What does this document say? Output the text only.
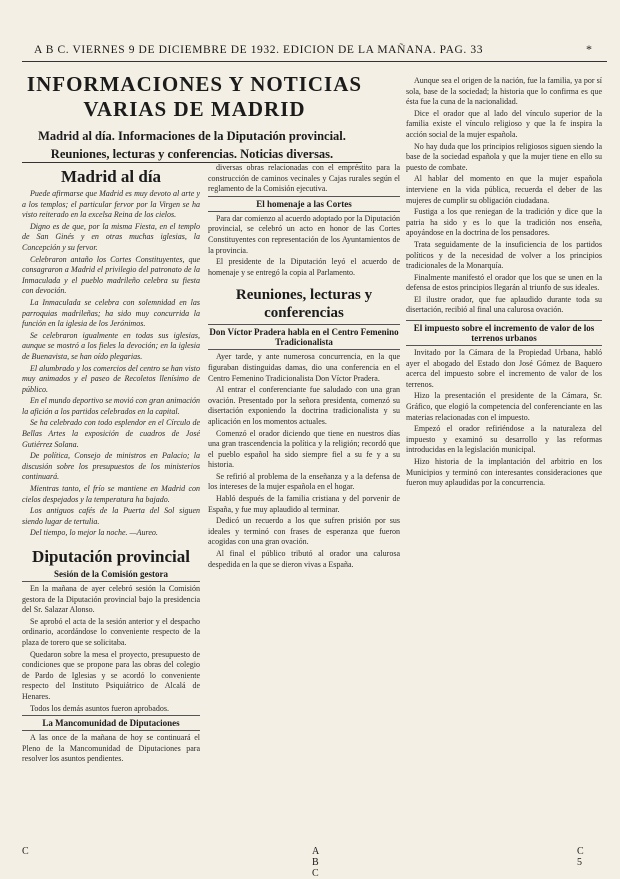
A B C. VIERNES 9 DE DICIEMBRE DE 1932. EDICION DE LA MAÑANA. PAG. 33	*
INFORMACIONES Y NOTICIAS VARIAS DE MADRID
Madrid al día. Informaciones de la Diputación provincial. Reuniones, lecturas y conferencias. Noticias diversas.
Madrid al día

Puede afirmarse que Madrid es muy devoto al arte y a los templos; el particular fervor por la Virgen se ha visto reiterado en la excelsa Reina de los cielos.

Digno es de que, por la misma Fiesta, en el templo de San Ginés y en otras muchas iglesias, la Concepción y su fervor.

Celebraron antaño los Cortes Constituyentes, que consagraron a Madrid el privilegio del patronato de la Inmaculada y el pueblo madrileño celebra su fiesta con devoción.

La Inmaculada se celebra con solemnidad en las parroquias madrileñas; ha sido muy concurrida la función en la iglesia de los Jerónimos.

Se celebraron igualmente en todas sus iglesias, aunque se mostró a los fieles la devoción; en la iglesia de Buenavista, se han oído plegarias.

El alumbrado y los comercios del centro se han visto muy animados y el paseo de Recoletos llenísimo de público.

En el mundo deportivo se movió con gran animación la afición a los partidos celebrados en la capital.

Se ha celebrado con todo esplendor en el Círculo de Bellas Artes la exposición de cuadros de José Gutiérrez Solana.

De política, Consejo de ministros en Palacio; la discusión sobre los presupuestos de los ministerios continuará.

Mientras tanto, el frío se mantiene en Madrid con cielos despejados y la temperatura ha bajado.

Los antiguos cafés de la Puerta del Sol siguen siendo lugar de tertulia.

Del tiempo, lo mejor la noche. —Aureo.

Diputación provincial
Sesión de la Comisión gestora

En la mañana de ayer celebró sesión la Comisión gestora de la Diputación provincial bajo la presidencia del Sr. Salazar Alonso.

Se aprobó el acta de la sesión anterior y el despacho ordinario, acordándose lo conveniente respecto de la plaza de torero que se solicitaba.

Quedaron sobre la mesa el proyecto, presupuesto de condiciones que se propone para las obras del colegio de Pardo de Iglesias y se acordó lo conveniente respecto del Instituto Psiquiátrico de Alcalá de Henares.

Todos los demás asuntos fueron aprobados.

La Mancomunidad de Diputaciones

A las once de la mañana de hoy se continuará el Pleno de la Mancomunidad de Diputaciones para resolver los asuntos pendientes.

diversas obras relacionadas con el empréstito para la construcción de caminos vecinales y Cajas rurales según el reglamento de la Comisión ejecutiva.

El homenaje a las Cortes

Para dar comienzo al acuerdo adoptado por la Diputación provincial, se celebró un acto en honor de las Cortes Constituyentes con representación de los Ayuntamientos de la provincia.

El presidente de la Diputación leyó el acuerdo de homenaje y se entregó la copia al Parlamento.

Reuniones, lecturas y conferencias
Don Víctor Pradera habla en el Centro Femenino Tradicionalista

Ayer tarde, y ante numerosa concurrencia, en la que figuraban distinguidas damas, dio una conferencia en el Centro Femenino Tradicionalista Don Víctor Pradera.

Al entrar el conferenciante fue saludado con una gran ovación. Presentado por la señora presidenta, comenzó su disertación exponiendo la doctrina tradicionalista y su aplicación en los momentos actuales.

Comenzó el orador diciendo que tiene en nuestros días una gran trascendencia la política y la religión; recordó que el pueblo español ha sido siempre fiel a su fe y a su historia.

Se refirió al problema de la enseñanza y a la defensa de los intereses de la mujer española en el hogar.

Habló después de la familia cristiana y del porvenir de España, y fue muy aplaudido al terminar.

Dedicó un recuerdo a los que sufren prisión por sus ideales y terminó con frases de esperanza que fueron acogidas con una gran ovación.

Al final el público tributó al orador una calurosa despedida en la que se dieron vivas a España.

Aunque sea el origen de la nación, fue la familia, ya por sí sola, base de la sociedad; la historia que lo confirma es que ésta fue la cuna de la nacionalidad.

Dice el orador que al lado del vínculo superior de la familia existe el vínculo religioso y que la fe inspira la acción social de la mujer española.

No hay duda que los principios religiosos siguen siendo la base de la sociedad española y que la mujer tiene en ello su puesto de combate.

Al hablar del momento en que la mujer española interviene en la vida pública, recuerda el deber de las mujeres de cumplir su obligación ciudadana.

Fustiga a los que reniegan de la tradición y dice que la patria ha sido y es lo que la tradición nos enseña, apoyándose en la doctrina de los pensadores.

Trata seguidamente de la insuficiencia de los partidos políticos y de la necesidad de volver a los principios tradicionales de la Monarquía.

Finalmente manifestó el orador que los que se unen en la defensa de estos principios llegarán al triunfo de sus ideales.

El ilustre orador, que fue aplaudido durante toda su disertación, recibió al final una calurosa ovación.

El impuesto sobre el incremento de valor de los terrenos urbanos

Invitado por la Cámara de la Propiedad Urbana, habló ayer el abogado del Estado don José Gómez de Baquero acerca del impuesto sobre el incremento de valor de los terrenos.

Hizo la presentación el presidente de la Cámara, Sr. Gráfico, que elogió la competencia del conferenciante en las materias relacionadas con el impuesto.

Empezó el orador refiriéndose a la naturaleza del impuesto y examinó su desarrollo y las reformas introducidas en la legislación municipal.

Hizo historia de la implantación del arbitrio en los Municipios y terminó con interesantes consideraciones que fueron muy aplaudidas por la concurrencia.

C	A B C
C 5
